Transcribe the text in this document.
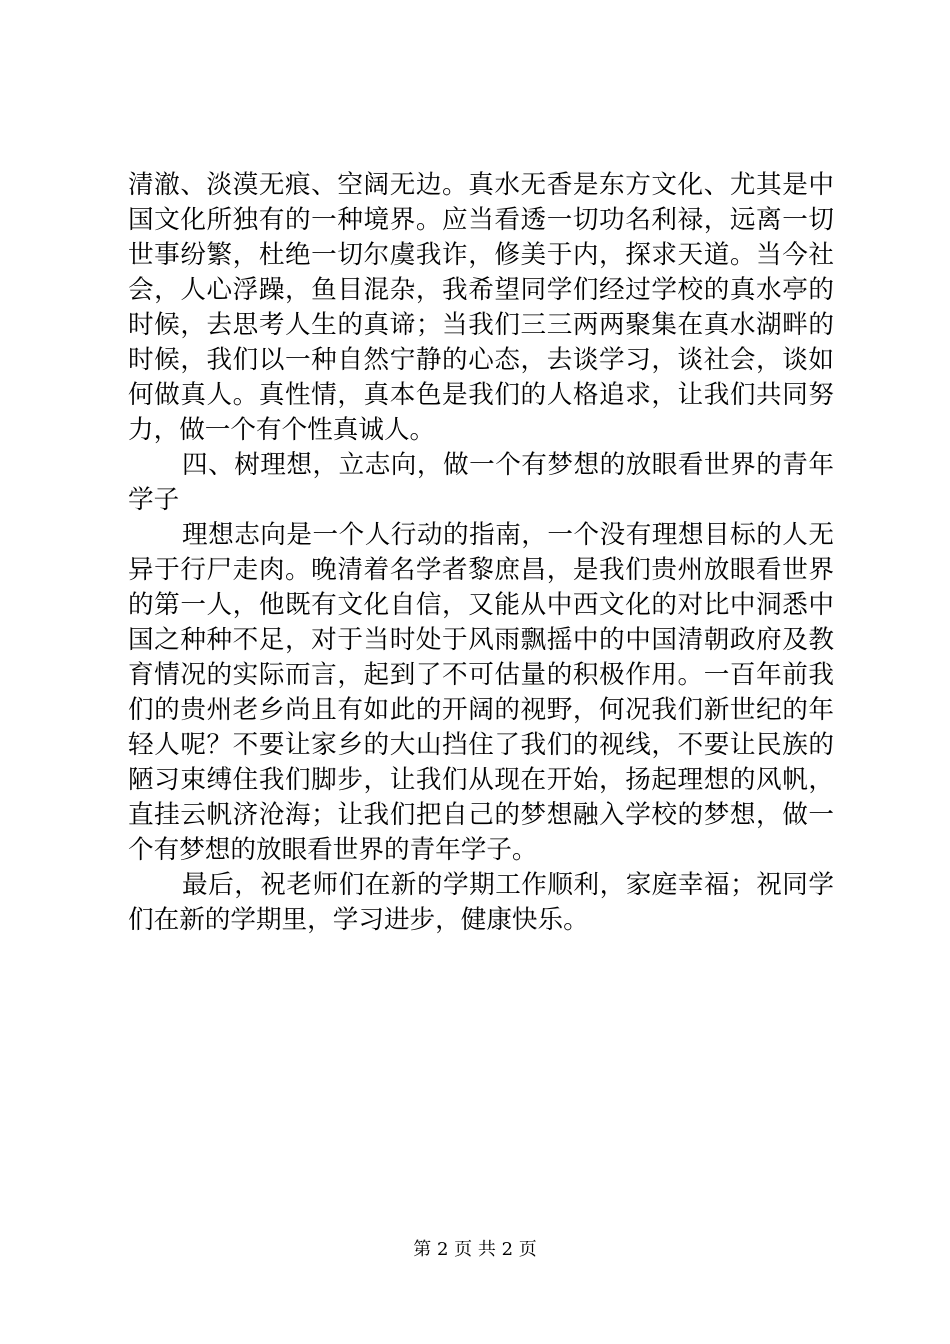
清澈、淡漠无痕、空阔无边。真水无香是东方文化、尤其是中
国文化所独有的一种境界。应当看透一切功名利禄，远离一切
世事纷繁，杜绝一切尔虞我诈，修美于内，探求天道。当今社
会，人心浮躁，鱼目混杂，我希望同学们经过学校的真水亭的
时候，去思考人生的真谛；当我们三三两两聚集在真水湖畔的
时候，我们以一种自然宁静的心态，去谈学习，谈社会，谈如
何做真人。真性情，真本色是我们的人格追求，让我们共同努
力，做一个有个性真诚人。
四、树理想，立志向，做一个有梦想的放眼看世界的青年
学子
理想志向是一个人行动的指南，一个没有理想目标的人无
异于行尸走肉。晚清着名学者黎庶昌，是我们贵州放眼看世界
的第一人，他既有文化自信，又能从中西文化的对比中洞悉中
国之种种不足，对于当时处于风雨飘摇中的中国清朝政府及教
育情况的实际而言，起到了不可估量的积极作用。一百年前我
们的贵州老乡尚且有如此的开阔的视野，何况我们新世纪的年
轻人呢？不要让家乡的大山挡住了我们的视线，不要让民族的
陋习束缚住我们脚步，让我们从现在开始，扬起理想的风帆，
直挂云帆济沧海；让我们把自己的梦想融入学校的梦想，做一
个有梦想的放眼看世界的青年学子。
最后，祝老师们在新的学期工作顺利，家庭幸福；祝同学
们在新的学期里，学习进步，健康快乐。
第 2 页 共 2 页
